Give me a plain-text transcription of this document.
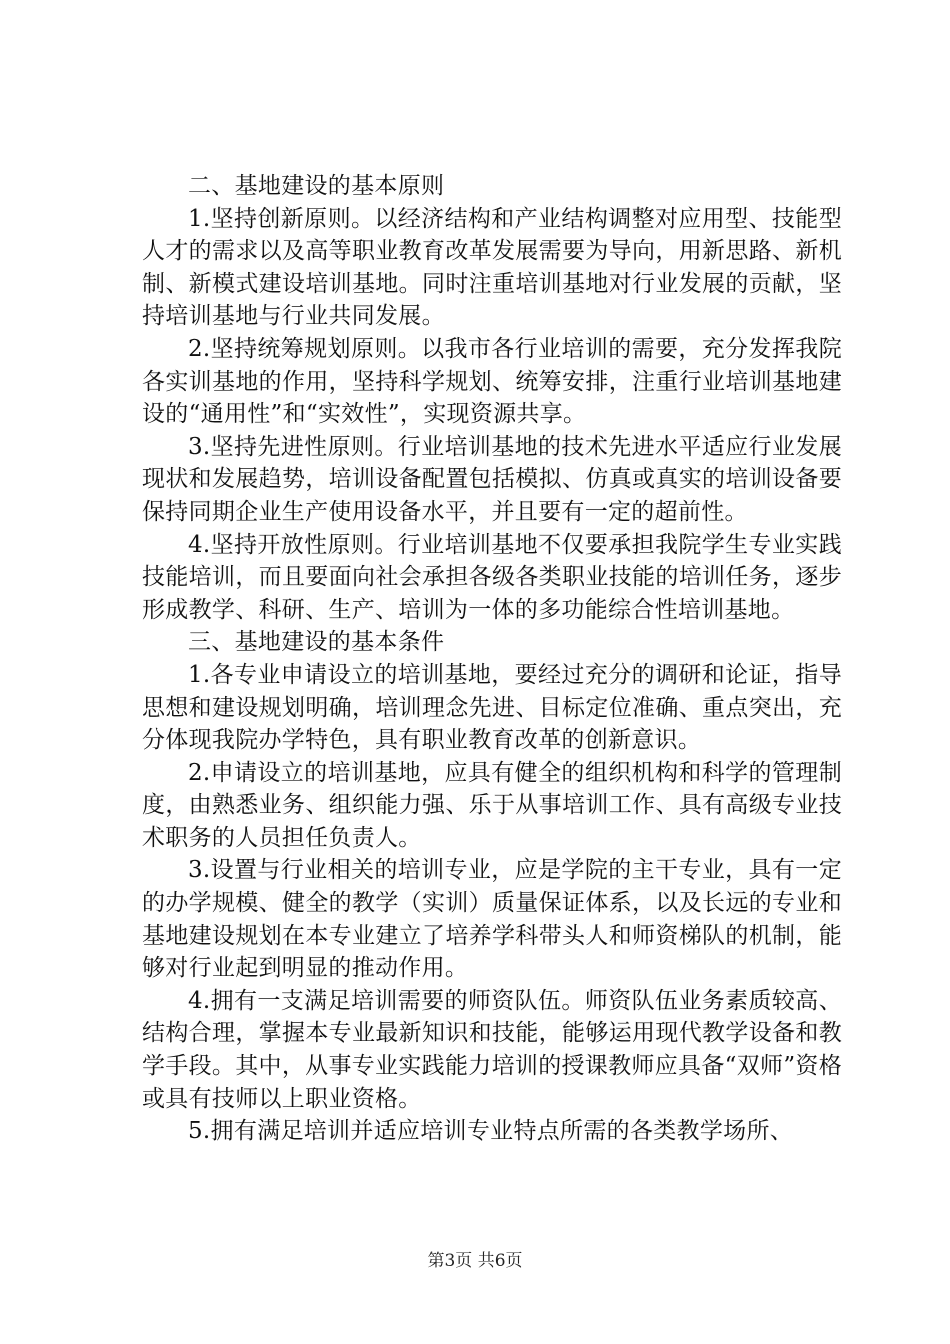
二、基地建设的基本原则

1.坚持创新原则。以经济结构和产业结构调整对应用型、技能型人才的需求以及高等职业教育改革发展需要为导向，用新思路、新机制、新模式建设培训基地。同时注重培训基地对行业发展的贡献，坚持培训基地与行业共同发展。

2.坚持统筹规划原则。以我市各行业培训的需要，充分发挥我院各实训基地的作用，坚持科学规划、统筹安排，注重行业培训基地建设的“通用性”和“实效性”，实现资源共享。

3.坚持先进性原则。行业培训基地的技术先进水平适应行业发展现状和发展趋势，培训设备配置包括模拟、仿真或真实的培训设备要保持同期企业生产使用设备水平，并且要有一定的超前性。

4.坚持开放性原则。行业培训基地不仅要承担我院学生专业实践技能培训，而且要面向社会承担各级各类职业技能的培训任务，逐步形成教学、科研、生产、培训为一体的多功能综合性培训基地。

三、基地建设的基本条件

1.各专业申请设立的培训基地，要经过充分的调研和论证，指导思想和建设规划明确，培训理念先进、目标定位准确、重点突出，充分体现我院办学特色，具有职业教育改革的创新意识。

2.申请设立的培训基地，应具有健全的组织机构和科学的管理制度，由熟悉业务、组织能力强、乐于从事培训工作、具有高级专业技术职务的人员担任负责人。

3.设置与行业相关的培训专业，应是学院的主干专业，具有一定的办学规模、健全的教学（实训）质量保证体系，以及长远的专业和基地建设规划在本专业建立了培养学科带头人和师资梯队的机制，能够对行业起到明显的推动作用。

4.拥有一支满足培训需要的师资队伍。师资队伍业务素质较高、结构合理，掌握本专业最新知识和技能，能够运用现代教学设备和教学手段。其中，从事专业实践能力培训的授课教师应具备“双师”资格或具有技师以上职业资格。

5.拥有满足培训并适应培训专业特点所需的各类教学场所、

第3页 共6页
